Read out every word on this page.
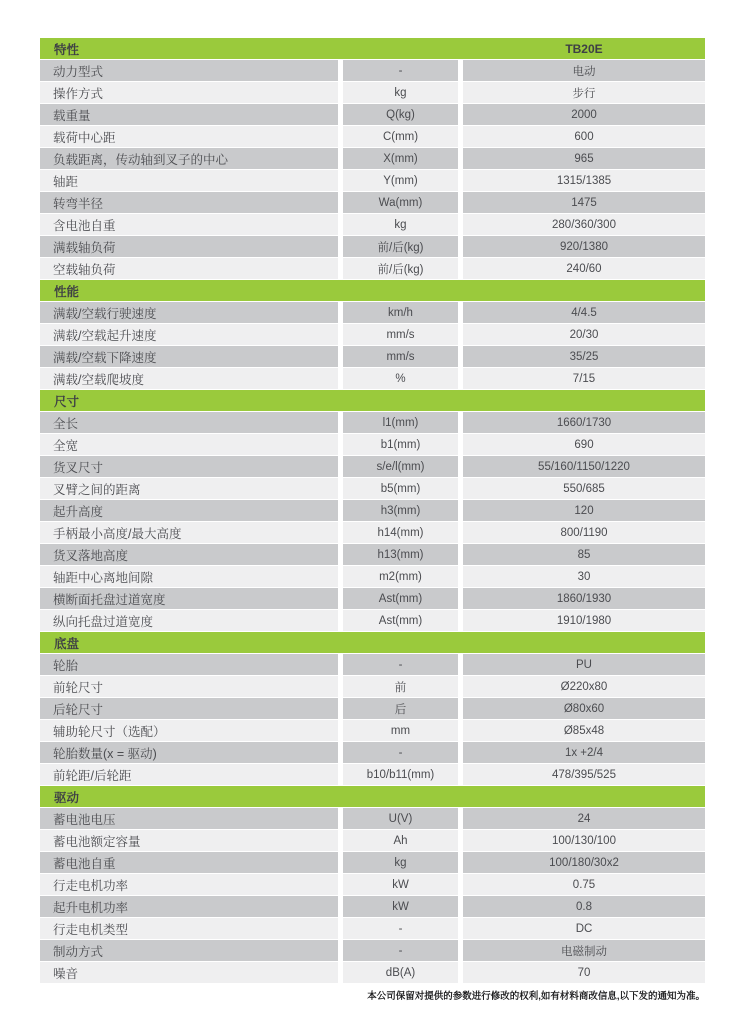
特性	TB20E
动力型式	-	电动
操作方式	kg	步行
载重量	Q(kg)	2000
载荷中心距	C(mm)	600
负载距离，传动轴到叉子的中心	X(mm)	965
轴距	Y(mm)	1315/1385
转弯半径	Wa(mm)	1475
含电池自重	kg	280/360/300
满载轴负荷	前/后(kg)	920/1380
空载轴负荷	前/后(kg)	240/60
性能
满载/空载行驶速度	km/h	4/4.5
满载/空载起升速度	mm/s	20/30
满载/空载下降速度	mm/s	35/25
满载/空载爬坡度	%	7/15
尺寸
全长	l1(mm)	1660/1730
全宽	b1(mm)	690
货叉尺寸	s/e/l(mm)	55/160/1150/1220
叉臂之间的距离	b5(mm)	550/685
起升高度	h3(mm)	120
手柄最小高度/最大高度	h14(mm)	800/1190
货叉落地高度	h13(mm)	85
轴距中心离地间隙	m2(mm)	30
横断面托盘过道宽度	Ast(mm)	1860/1930
纵向托盘过道宽度	Ast(mm)	1910/1980
底盘
轮胎	-	PU
前轮尺寸	前	Ø220x80
后轮尺寸	后	Ø80x60
辅助轮尺寸（选配）	mm	Ø85x48
轮胎数量(x = 驱动)	-	1x +2/4
前轮距/后轮距	b10/b11(mm)	478/395/525
驱动
蓄电池电压	U(V)	24
蓄电池额定容量	Ah	100/130/100
蓄电池自重	kg	100/180/30x2
行走电机功率	kW	0.75
起升电机功率	kW	0.8
行走电机类型	-	DC
制动方式	-	电磁制动
噪音	dB(A)	70
本公司保留对提供的参数进行修改的权利,如有材料商改信息,以下发的通知为准。
